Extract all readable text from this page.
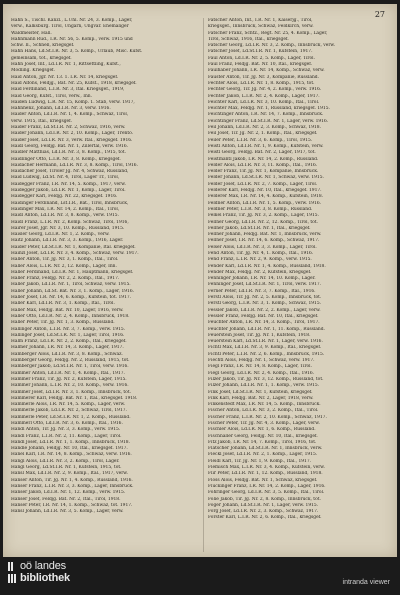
27
Hahn S., Tischl. Kanzl., L.Uhl. Nr. 24, 3. Komp., Lager,
verw., Kalksburg. Tirol, Ungarn, Ungvar. Ehemaliger
Waldmeister, Hall.
Hahnmann Rud., I.R. Nr. 56, 5. Komp., verw. 1915 und
Schw. II., Schnell, kriegsgef.
Hahn Hans, Ld.St.I.R. Nr. 3, 5. Komp., Urlaub, Misc. Kufst.
gemeinsam, tot., kriegsgef.
Hahn Josef, Inf., Ld.I.R. Nr. 1, Rittsettling, Kufst.,
Mödling. Kriegsgef.
Haid Anton, Jgr. Nr. 13. 1. I.R. Nr. 14, kriegsgef.
Haid Alfons, Feldjg., Bat. Nr. 25, Kufst., 1918, kriegsgef.
Haid Ferdinand, L.I.R. Nr. 3, Ital. Kriegsgef., 1919,
Haid Georg, Kufst., Tirol, verw., Inn.
Haiden Ludwig, L.R. Nr. 15, Komp. 1. Stab, verw. 1917,
Hahnhenz, Johann, Ld.I.R. Nr. 3, verw. 1916.
Haider Anton, Ld.I.R. Nr. 1, 4. Komp., Schwaz, Tirol,
verw. 1915, Ital., kriegsgef.
Haider Franz, Ld.St.I.R. Nr. 2, Schwaz, 1916, verw.
Haider Johann, Ld.I.R. Nr. 2, 10. Komp., Lager, Trento.
Haider Josef, Ld.I.R. Nr. 3, verw. Ital., kriegsgef. 1916.
Haidl Georg, Feldjg. Bat. Nr. 1, Zillertal, verw. 1916.
Haidler Matthias, Ld.I.R. Nr. 3, 8. Komp., 1915, tot.
Haidlinger Otto, L.I.R. Nr. 3, 8. Komp., kriegsgef.
Haidacher Hermann, Ld.I.R. Nr. 3, 8. Komp., Tirol, 1916.
Haidacher Josef, Tiroler Jg. Nr. 4, Schwaz, Russland,
Haid Ludwig, Ld.St. Nr. 4, Tirol, Lager Tr., Tirol,
Haidegger Franz, I.R. Nr. 14, 5. Komp., 1917, verw.
Haidegger Jakob, Ld.I.R. Nr. 1, Komp., Lager, Tirol.
Haidegger Karl, Feldjg. Nr. 22, kriegsgef. 1916.
Haidinger Ferdinand, Lst.I.R., Bat., Tirol, Innsbruck,
Haidinger Max, I.R. Nr. 14, 2. Komp., Ital., Tirol,
Haidl Anton, Ld.I.R. Nr. 3, 8. Komp., verw. 1915.
Haidl Franz, L.I.R. Nr. 2, Komp. Schwaz, Tirol, 1916,
Hairer Josef, Jgr. Nr. 3, 10. Komp., Russland, 1915.
Haisler Georg, Ld.I.R. Nr. 1, 2. Komp., verw.
Haitz Johann, Ld.I.R. Nr. 3, 3. Komp., 1916, Lager.
Haider Peter, Ld.St.I.R. Nr. 1, Kompanie, Ital. kriegsgef.
Hainzl Josef, Ld.I.R. Nr. 3, 4. Komp., Schwaz, verw. 1917.
Haller Anton, Tir. Jg. Nr. 3, 1. Komp., Ital., Tirol.
Haller Alois, L.I.R. Nr. 2, 12. Komp., Lager, Inn.
Haller Ferdinand, Ld.I.R. Nr. 1, Hauptmann, kriegsgef.
Haller Franz, Feldjg. Nr. 2, 2. Komp., Ital., 1917.
Haller Jakob, Ld.I.R. Nr. 1, Tirol, Schwaz, verw. 1915.
Haller Johann, Ld.St. Bat. Nr. 3, 1. Komp., Lager, 1916.
Haller Josef, I.R. Nr. 14, 6. Komp., Kufstein, tot. 1917.
Haller Karl, Ld.I.R. Nr. 3, 1. Komp., Ital., Tirol.
Haller Max, Feldjg. Bat. Nr. 10, Lager, 1916, verw.
Haller Otto, Ld.I.R. Nr. 2, 4. Komp., Innsbruck, 1918.
Haller Peter, Tir. Jg. Nr. 1, 3. Komp., Russland.
Hallinger Anton, L.I.R. Nr. 3, 7. Komp., verw. 1915.
Hallinger Josef, Ld.St.I.R. Nr. 1, Lager, Tirol, 1916.
Halm Franz, Ld.I.R. Nr. 2, 2. Komp., Ital., kriegsgef.
Halmer Johann, I.R. Nr. 14, 3. Komp., Lager, 1917.
Hamberger Alois, Ld.I.R. Nr. 3, 8. Komp., Schwaz.
Hamberger Georg, Feldjg. Nr. 2, Russland, 1915, tot.
Hamberger Jakob, Ld.St.I.R. Nr. 1, Tirol, verw. 1916.
Hammer Anton, Ld.I.R. Nr. 1, 4. Komp., Ital., 1917.
Hammer Franz, Tir. Jg. Nr. 2, Kufstein, Lager, 1915.
Hammer Johann, L.I.R. Nr. 2, 10. Komp., verw. 1916.
Hammer Josef, Ld.I.R. Nr. 3, 1. Komp., Innsbruck, tot.
Hammerer Karl, Feldjg. Bat. Nr. 1, Ital., kriegsgef. 1918.
Hammerle Alois, I.R. Nr. 14, 5. Komp., Lager, verw.
Hammerle Jakob, Ld.I.R. Nr. 2, Schwaz, Tirol, 1917.
Hammerle Peter, Ld.St.I.R. Nr. 1, 2. Komp., Russland.
Hammerl Otto, Ld.I.R. Nr. 3, 6. Komp., Ital., 1916.
Handl Anton, Tir. Jg. Nr. 3, 3. Komp., verw. 1915.
Handl Franz, L.I.R. Nr. 2, 11. Komp., Lager, Tirol.
Handl Josef, Ld.I.R. Nr. 1, 1. Komp., Innsbruck, 1918.
Handle Johann, Feldjg. Nr. 10, Ital., kriegsgef. 1917.
Hanel Karl, I.R. Nr. 14, 8. Komp., Schwaz, verw. 1916.
Hangl Alois, Ld.I.R. Nr. 3, 2. Komp., Tirol, Lager.
Hangl Georg, Ld.St.I.R. Nr. 1, Kufstein, 1915, tot.
Hansl Max, Ld.I.R. Nr. 2, 9. Komp., Ital., 1917, verw.
Hanser Anton, Tir. Jg. Nr. 1, 4. Komp., Russland, 1916.
Hanser Franz, L.I.R. Nr. 3, 3. Komp., Lager, Innsbruck.
Hanser Jakob, Ld.I.R. Nr. 1, 12. Komp., verw. 1915.
Hanser Josef, Feldjg. Bat. Nr. 2, Ital., Tirol, 1918.
Hanser Peter, I.R. Nr. 14, 1. Komp., Schwaz, tot. 1917.
Hansl Johann, Ld.I.R. Nr. 3, 5. Komp., Lager, verw.
Fatscher Anton, Inf., I.R. Nr. 1, Kaiserjg., Tirol,
kriegsgef., Innsbruck, Schwaz, Feldkirch, verw.
Fatscher Franz, Schtz., Regt. Nr. 25, 4. Komp., Lager,
Tirol, Schwaz, 1916, Ital., kriegsgef.
Fatscher Georg, Ld.I.R. Nr. 3, 2. Komp., Innsbruck, verw.
Fatscher Josef, Ld.St.I.R. Nr. 1, Kufstein, 1917.
Faul Anton, Ld.I.R. Nr. 2, 5. Komp., Lager, Tirol.
Faul Franz, Feldjg. Bat. Nr. 10, Ital., kriegsgef.
Faulhaber Johann, I.R. Nr. 14, Komp., Schwaz, verw.
Fauster Anton, Tir. Jg. Nr. 3, Kompanie, Russland.
Fechter Alois, Ld.I.R. Nr. 1, 8. Komp., 1915, tot.
Fechter Georg, Tir. Jg. Nr. 4, 2. Komp., verw. 1916.
Fechter Jakob, L.I.R. Nr. 2, 4. Komp., Lager, 1917.
Feichter Karl, Ld.I.R. Nr. 3, 10. Komp., Ital., Tirol.
Feichter Max, Feldjg. Nr. 1, Russland, kriegsgef. 1915.
Feichtinger Anton, I.R. Nr. 14, 7. Komp., Innsbruck.
Feichtinger Franz, Ld.St.I.R. Nr. 1, Lager, verw. 1916.
Feil Johann, Ld.I.R. Nr. 2, 3. Komp., Schwaz, 1918.
Feil Josef, Tir. Jg. Nr. 2, 1. Komp., Ital., kriegsgef.
Feiler Peter, L.I.R. Nr. 3, 6. Komp., Tirol, 1915.
Feistl Anton, Ld.I.R. Nr. 1, 9. Komp., Kufstein, verw.
Feistl Georg, Feldjg. Bat. Nr. 2, Lager, 1917, tot.
Feistmantl Jakob, I.R. Nr. 14, 2. Komp., Russland.
Felder Alois, Ld.I.R. Nr. 3, 11. Komp., Ital., 1916.
Felder Franz, Tir. Jg. Nr. 1, Kompanie, Innsbruck.
Felder Johann, Ld.St.I.R. Nr. 1, Schwaz, verw. 1915.
Felder Josef, Ld.I.R. Nr. 2, 7. Komp., Lager, Tirol.
Felderer Karl, Feldjg. Nr. 10, Ital., kriegsgef. 1917.
Felderer Max, I.R. Nr. 14, 4. Komp., Kufstein, 1918.
Feldner Anton, Ld.I.R. Nr. 1, 5. Komp., verw. 1916.
Feldner Peter, L.I.R. Nr. 3, 8. Komp., Russland.
Felkel Franz, Tir. Jg. Nr. 3, 2. Komp., Lager, 1915.
Fellner Georg, Ld.I.R. Nr. 2, 12. Komp., Tirol, tot.
Fellner Jakob, Ld.St.I.R. Nr. 1, Ital., kriegsgef.
Fellner Johann, Feldjg. Bat. Nr. 1, Innsbruck, verw.
Fellner Josef, I.R. Nr. 14, 6. Komp., Schwaz, 1917.
Felser Alois, Ld.I.R. Nr. 3, 3. Komp., Lager, Tirol.
Fend Anton, Tir. Jg. Nr. 4, 1. Komp., Ital., 1916.
Fend Franz, L.I.R. Nr. 2, 9. Komp., verw. 1915.
Fender Karl, Ld.I.R. Nr. 1, 4. Komp., Russland, 1918.
Fender Max, Feldjg. Nr. 2, Kufstein, kriegsgef.
Fenninger Johann, I.R. Nr. 14, 10. Komp., Lager.
Fenninger Josef, Ld.St.I.R. Nr. 1, Tirol, verw. 1917.
Ferner Peter, Ld.I.R. Nr. 3, 7. Komp., Ital., 1916.
Ferstl Alois, Tir. Jg. Nr. 2, 5. Komp., Innsbruck, tot.
Ferstl Georg, L.I.R. Nr. 3, 1. Komp., Schwaz, 1915.
Fessler Jakob, Ld.I.R. Nr. 2, 2. Komp., Lager, verw.
Fessler Franz, Feldjg. Bat. Nr. 10, Ital., kriegsgef.
Feuchter Anton, I.R. Nr. 14, 3. Komp., Tirol, 1917.
Feuchter Johann, Ld.I.R. Nr. 1, 11. Komp., Russland.
Feuerstein Josef, Tir. Jg. Nr. 1, Kufstein, 1918.
Feuerstein Karl, Ld.St.I.R. Nr. 1, Lager, verw. 1916.
Fichtl Max, Ld.I.R. Nr. 3, 9. Komp., Ital., kriegsgef.
Fichtl Peter, L.I.R. Nr. 2, 6. Komp., Innsbruck, 1915.
Fiechtl Alois, Feldjg. Nr. 1, Schwaz, verw. 1917.
Fiegl Franz, I.R. Nr. 14, 8. Komp., Lager, Tirol.
Fiegl Georg, Ld.I.R. Nr. 2, 4. Komp., Ital., 1916.
Filzer Jakob, Tir. Jg. Nr. 3, 12. Komp., Russland, tot.
Filzer Johann, Ld.I.R. Nr. 1, 1. Komp., verw. 1915.
Fink Josef, Ld.St.I.R. Nr. 1, Kufstein, kriegsgef.
Fink Karl, Feldjg. Bat. Nr. 2, Lager, 1918, verw.
Finkenstedt Max, I.R. Nr. 14, 5. Komp., Innsbruck.
Fischer Anton, Ld.I.R. Nr. 3, 2. Komp., Ital., Tirol.
Fischer Franz, L.I.R. Nr. 2, 10. Komp., Schwaz, 1917.
Fischer Peter, Tir. Jg. Nr. 4, 3. Komp., Lager, verw.
Fischler Alois, Ld.I.R. Nr. 1, 6. Komp., Russland.
Fischnaller Georg, Feldjg. Nr. 10, Ital., kriegsgef.
Fitz Jakob, I.R. Nr. 14, 7. Komp., Tirol, 1916, tot.
Flatscher Johann, Ld.St.I.R. Nr. 1, Innsbruck, verw.
Fleckl Josef, Ld.I.R. Nr. 2, 1. Komp., Lager, 1915.
Fleidl Karl, Tir. Jg. Nr. 1, 9. Komp., Ital., 1917.
Flemisch Max, L.I.R. Nr. 3, 4. Komp., Kufstein, verw.
Flir Peter, Ld.I.R. Nr. 1, 12. Komp., Russland, 1918.
Floss Alois, Feldjg. Bat. Nr. 1, Schwaz, kriegsgef.
Fluckinger Franz, I.R. Nr. 14, 2. Komp., Lager, 1916.
Fohringer Georg, Ld.I.R. Nr. 3, 5. Komp., Ital., Tirol.
Folie Jakob, Tir. Jg. Nr. 2, 8. Komp., Innsbruck, tot.
Föger Johann, Ld.St.I.R. Nr. 1, Lager, verw. 1915.
Förg Josef, Ld.I.R. Nr. 2, 3. Komp., Schwaz, 1917.
Förster Karl, L.I.R. Nr. 2, 6. Komp., Ital., kriegsgef.
oö landes
bibliothek	intranda viewer
